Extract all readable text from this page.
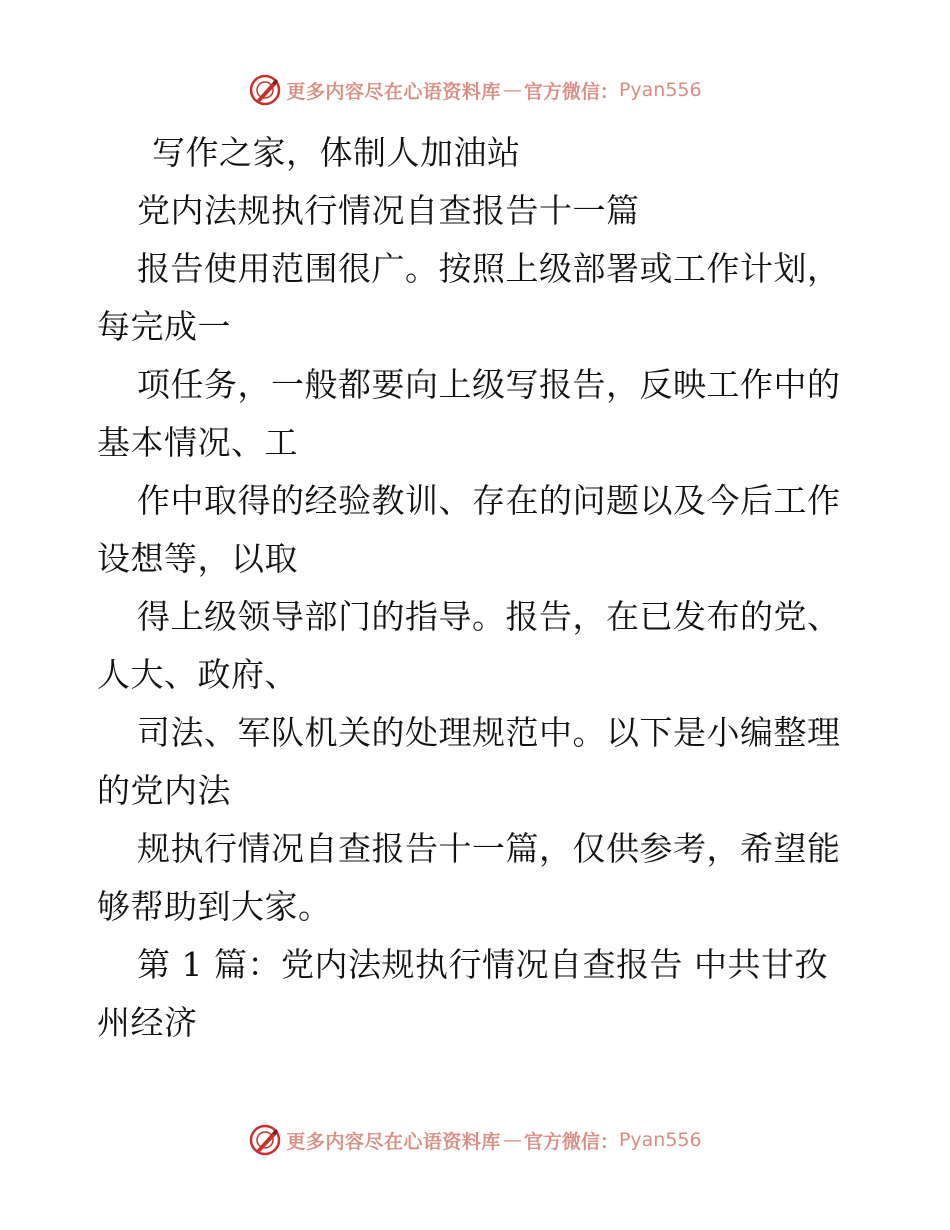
更多内容尽在心语资料库 — 官方微信： Pyan556
写作之家，体制人加油站
党内法规执行情况自查报告十一篇
报告使用范围很广。按照上级部署或工作计划，
每完成一
项任务，一般都要向上级写报告，反映工作中的
基本情况、工
作中取得的经验教训、存在的问题以及今后工作
设想等，以取
得上级领导部门的指导。报告，在已发布的党、
人大、政府、
司法、军队机关的处理规范中。以下是小编整理
的党内法
规执行情况自查报告十一篇，仅供参考，希望能
够帮助到大家。
第 1 篇：党内法规执行情况自查报告 中共甘孜
州经济
更多内容尽在心语资料库 — 官方微信： Pyan556
